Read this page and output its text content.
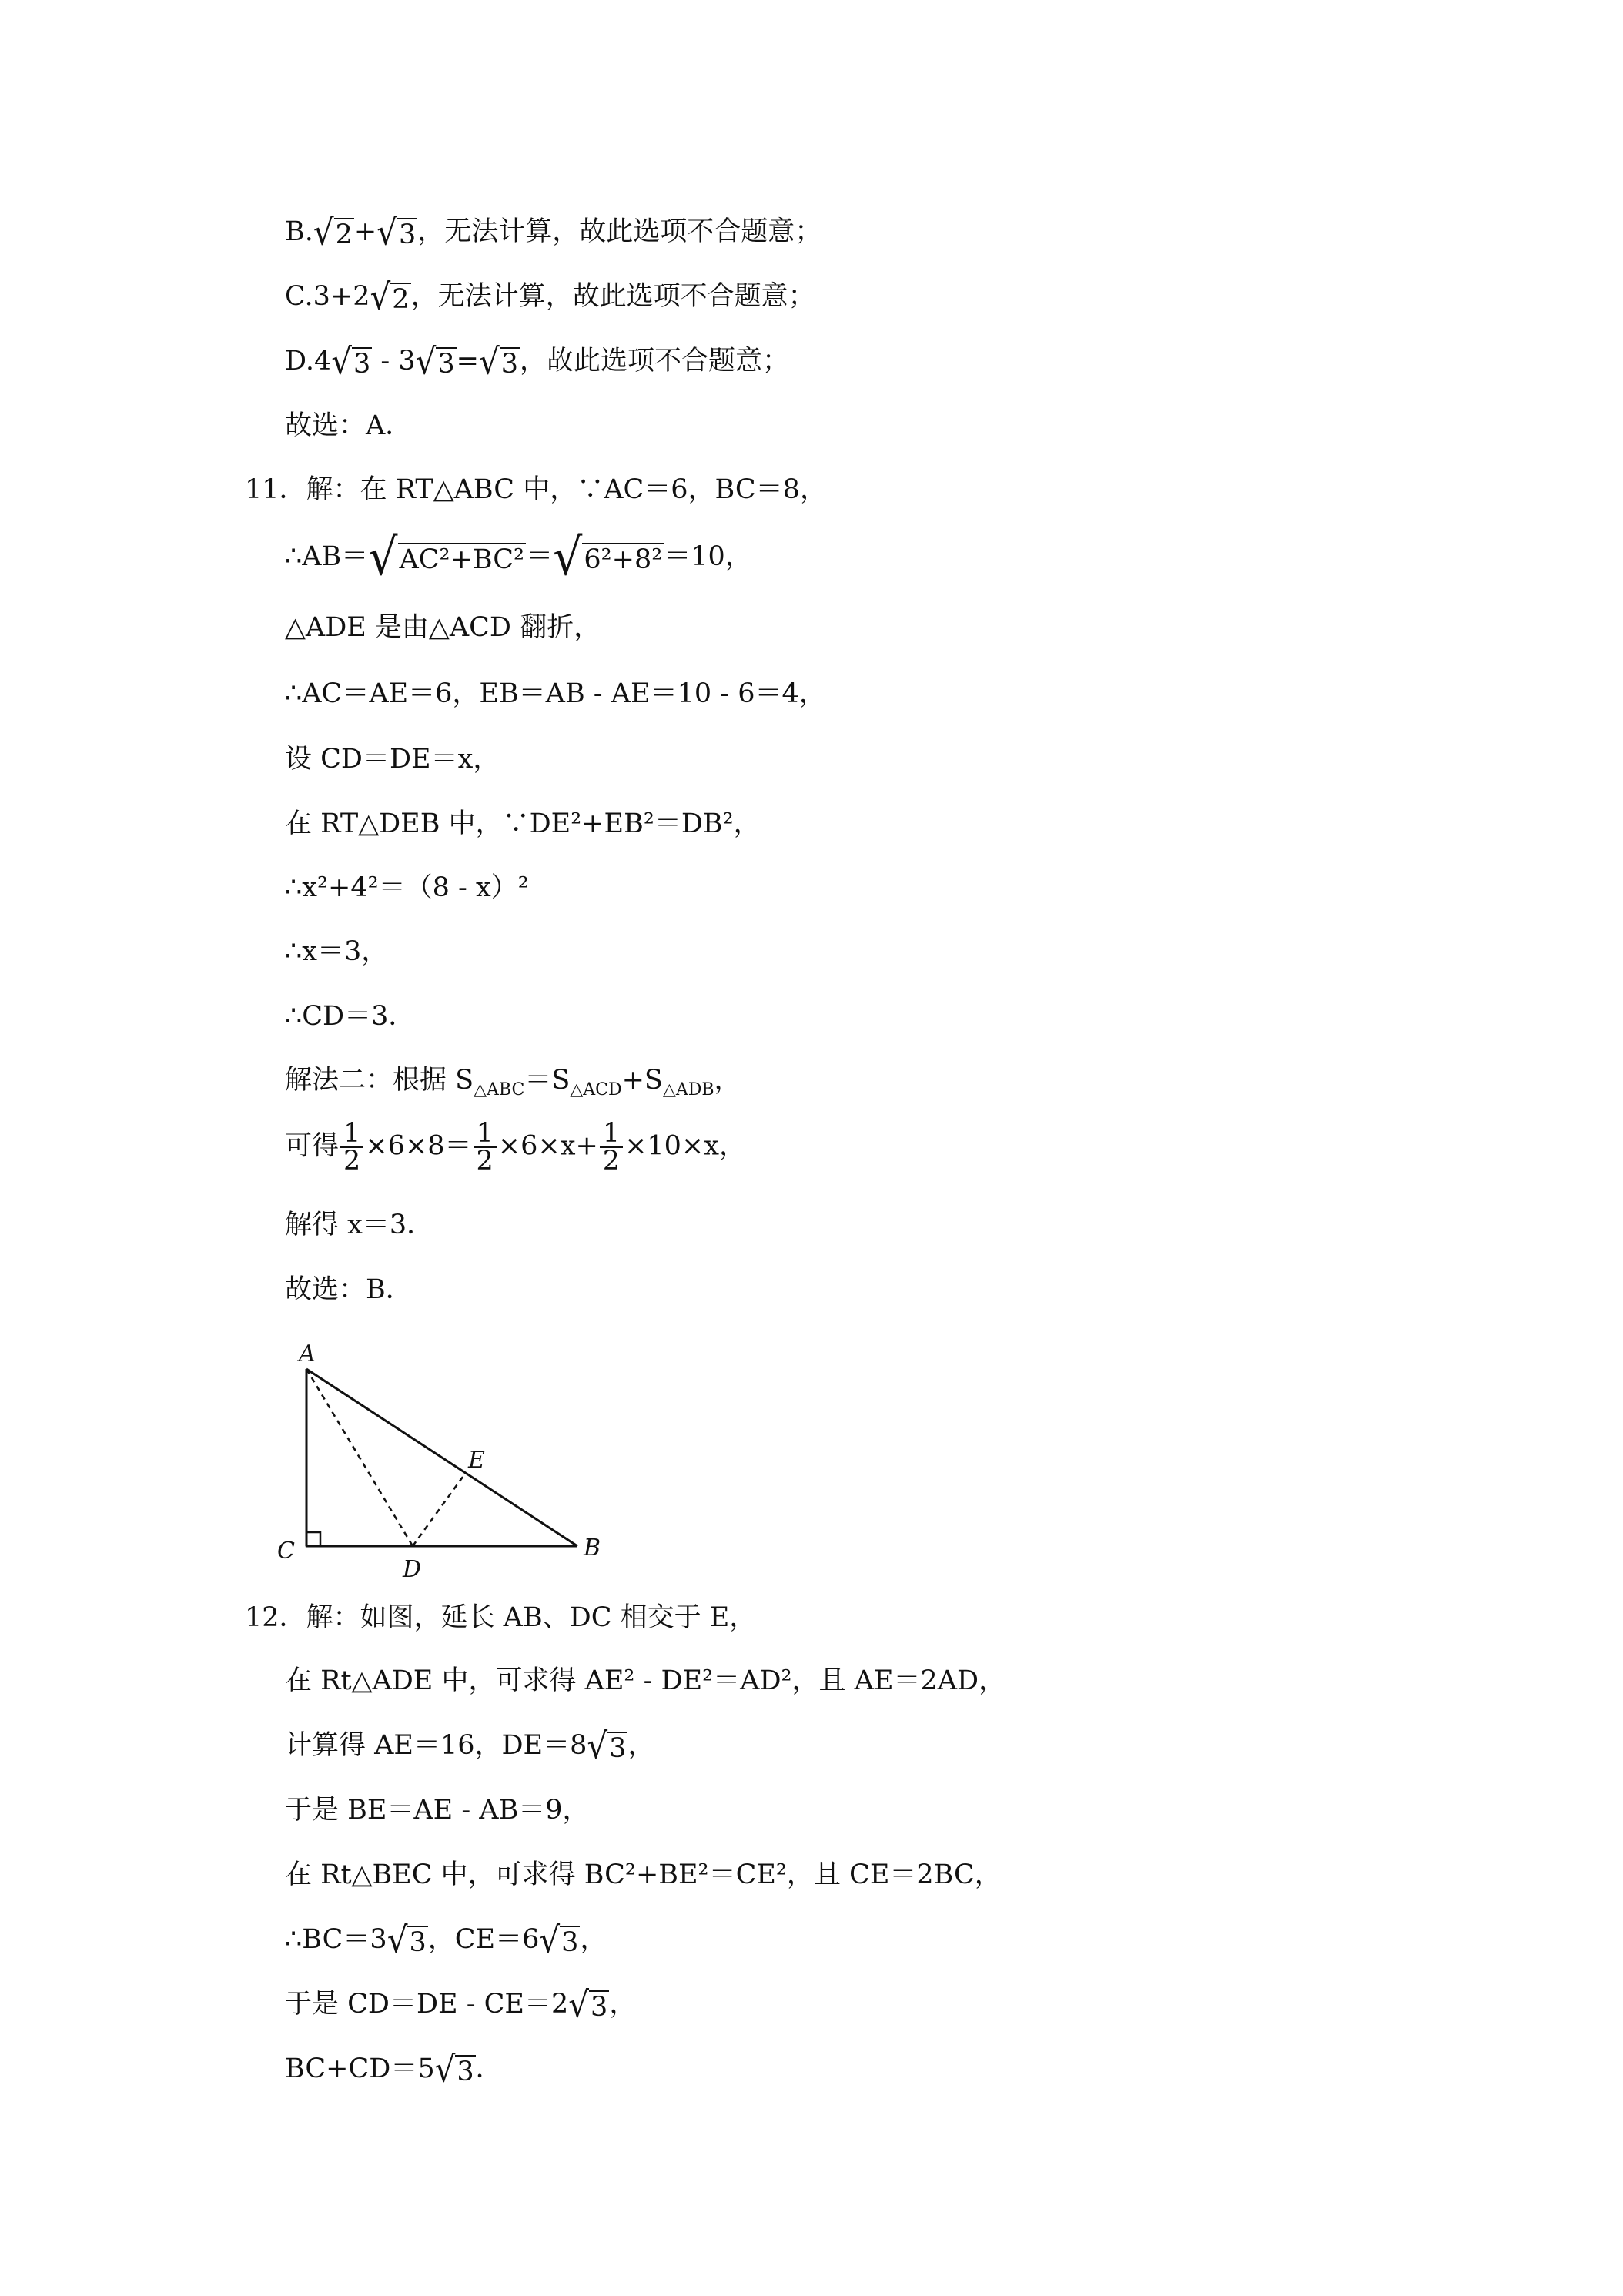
B.√2+√3，无法计算，故此选项不合题意；
C.3+2√2，无法计算，故此选项不合题意；
D.4√3 - 3√3=√3，故此选项不合题意；
故选：A．
11．解：在 RT△ABC 中，∵AC＝6，BC＝8，
∴AB＝√AC²+BC²＝√6²+8²＝10，
△ADE 是由△ACD 翻折，
∴AC＝AE＝6，EB＝AB - AE＝10 - 6＝4，
设 CD＝DE＝x，
在 RT△DEB 中，∵DE²+EB²＝DB²，
∴x²+4²＝（8 - x）²
∴x＝3，
∴CD＝3．
解法二：根据 $S_{\triangle ABC}=S_{\triangle ACD}+S_{\triangle ADB}$，
可得 $\frac{1}{2} \times 6\times 8= \frac{1}{2} \times 6\times x+ \frac{1}{2} \times 10\times x$，
解得 x＝3．
故选：B．
A
C
D
E
B
12．解：如图，延长 AB、DC 相交于 E，
在 Rt△ADE 中，可求得 AE² - DE²＝AD²，且 AE＝2AD，
计算得 AE＝16，DE＝8√3，
于是 BE＝AE - AB＝9，
在 Rt△BEC 中，可求得 BC²+BE²＝CE²，且 CE＝2BC，
∴BC＝3√3，CE＝6√3，
于是 CD＝DE - CE＝2√3，
BC+CD＝5√3．
